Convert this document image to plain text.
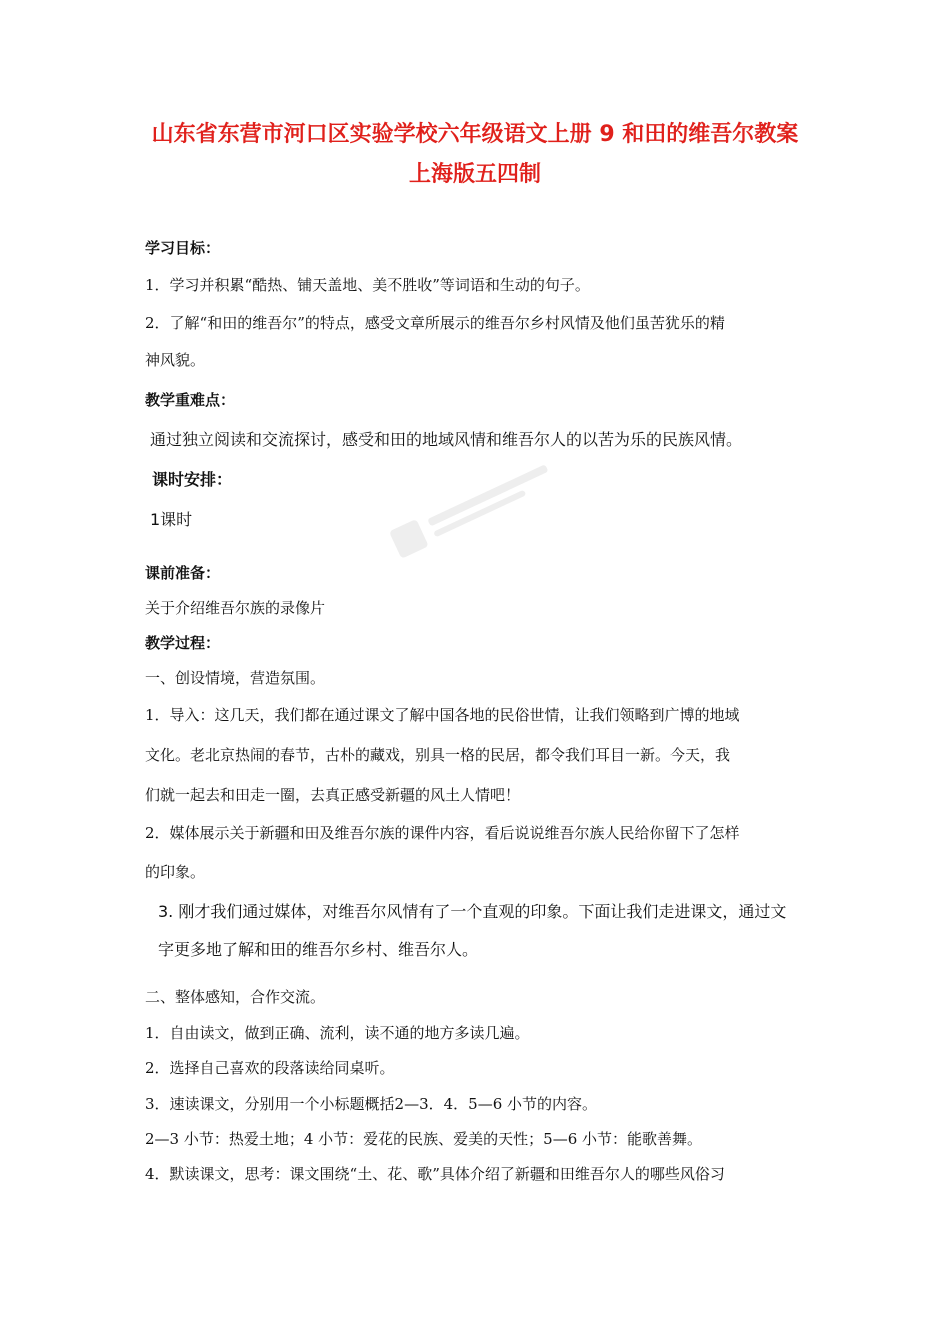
山东省东营市河口区实验学校六年级语文上册 9 和田的维吾尔教案
上海版五四制
学习目标：
1．学习并积累“酷热、铺天盖地、美不胜收”等词语和生动的句子。
2．了解“和田的维吾尔”的特点，感受文章所展示的维吾尔乡村风情及他们虽苦犹乐的精
神风貌。
教学重难点：
通过独立阅读和交流探讨，感受和田的地域风情和维吾尔人的以苦为乐的民族风情。
课时安排：
1课时
课前准备：
关于介绍维吾尔族的录像片
教学过程：
一、创设情境，营造氛围。
1．导入：这几天，我们都在通过课文了解中国各地的民俗世情，让我们领略到广博的地域
文化。老北京热闹的春节，古朴的藏戏，别具一格的民居，都令我们耳目一新。今天，我
们就一起去和田走一圈，去真正感受新疆的风土人情吧！
2．媒体展示关于新疆和田及维吾尔族的课件内容，看后说说维吾尔族人民给你留下了怎样
的印象。
3. 刚才我们通过媒体，对维吾尔风情有了一个直观的印象。下面让我们走进课文，通过文
字更多地了解和田的维吾尔乡村、维吾尔人。
二、整体感知，合作交流。
1．自由读文，做到正确、流利，读不通的地方多读几遍。
2．选择自己喜欢的段落读给同桌听。
3．速读课文，分别用一个小标题概括2—3．4．5—6 小节的内容。
2—3 小节：热爱土地；4 小节：爱花的民族、爱美的天性；5—6 小节：能歌善舞。
4．默读课文，思考：课文围绕“土、花、歌”具体介绍了新疆和田维吾尔人的哪些风俗习
